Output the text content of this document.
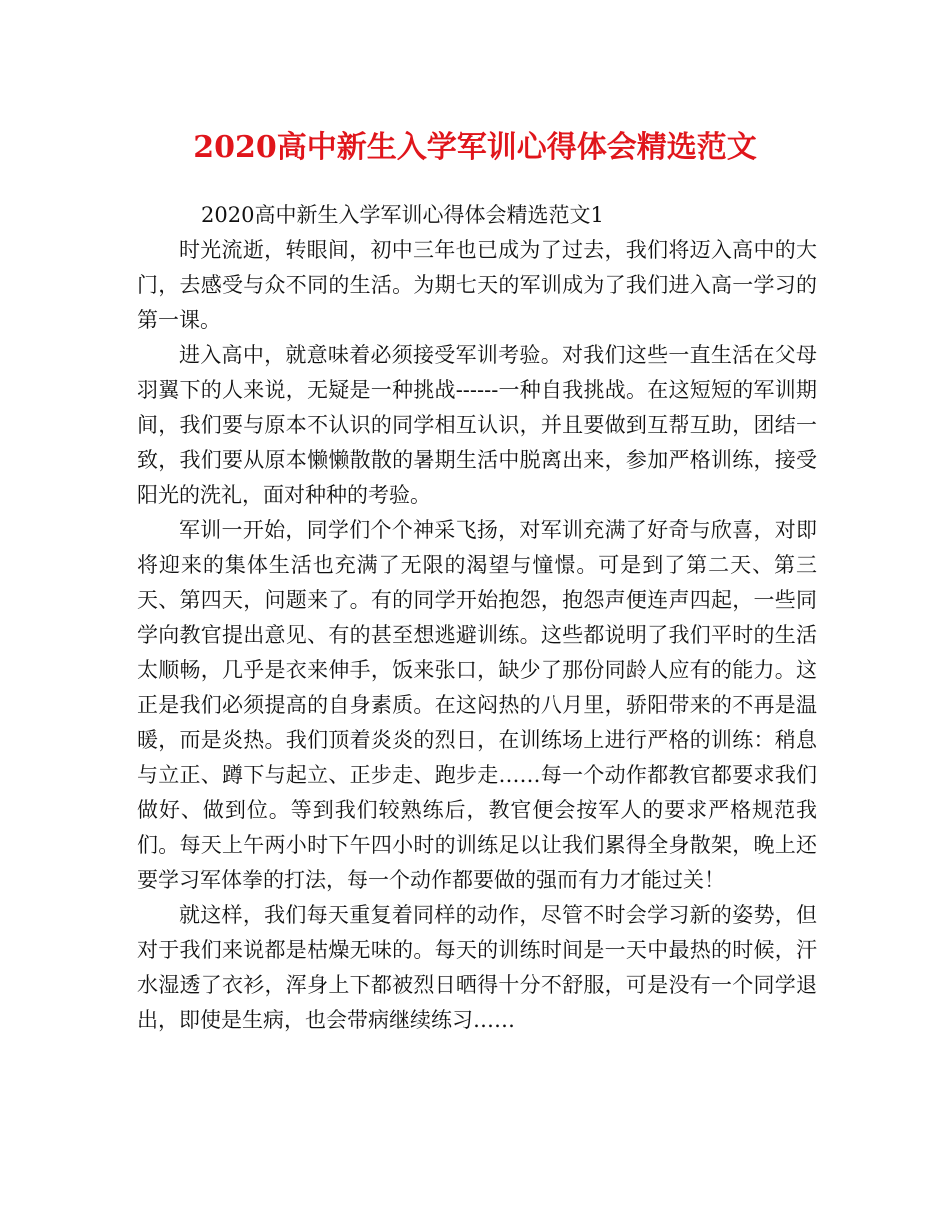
2020高中新生入学军训心得体会精选范文

2020高中新生入学军训心得体会精选范文1

时光流逝，转眼间，初中三年也已成为了过去，我们将迈入高中的大门，去感受与众不同的生活。为期七天的军训成为了我们进入高一学习的第一课。

进入高中，就意味着必须接受军训考验。对我们这些一直生活在父母羽翼下的人来说，无疑是一种挑战------一种自我挑战。在这短短的军训期间，我们要与原本不认识的同学相互认识，并且要做到互帮互助，团结一致，我们要从原本懒懒散散的暑期生活中脱离出来，参加严格训练，接受阳光的洗礼，面对种种的考验。

军训一开始，同学们个个神采飞扬，对军训充满了好奇与欣喜，对即将迎来的集体生活也充满了无限的渴望与憧憬。可是到了第二天、第三天、第四天，问题来了。有的同学开始抱怨，抱怨声便连声四起，一些同学向教官提出意见、有的甚至想逃避训练。这些都说明了我们平时的生活太顺畅，几乎是衣来伸手，饭来张口，缺少了那份同龄人应有的能力。这正是我们必须提高的自身素质。在这闷热的八月里，骄阳带来的不再是温暖，而是炎热。我们顶着炎炎的烈日，在训练场上进行严格的训练：稍息与立正、蹲下与起立、正步走、跑步走……每一个动作都教官都要求我们做好、做到位。等到我们较熟练后，教官便会按军人的要求严格规范我们。每天上午两小时下午四小时的训练足以让我们累得全身散架，晚上还要学习军体拳的打法，每一个动作都要做的强而有力才能过关！

就这样，我们每天重复着同样的动作，尽管不时会学习新的姿势，但对于我们来说都是枯燥无味的。每天的训练时间是一天中最热的时候，汗水湿透了衣衫，浑身上下都被烈日晒得十分不舒服，可是没有一个同学退出，即使是生病，也会带病继续练习……
